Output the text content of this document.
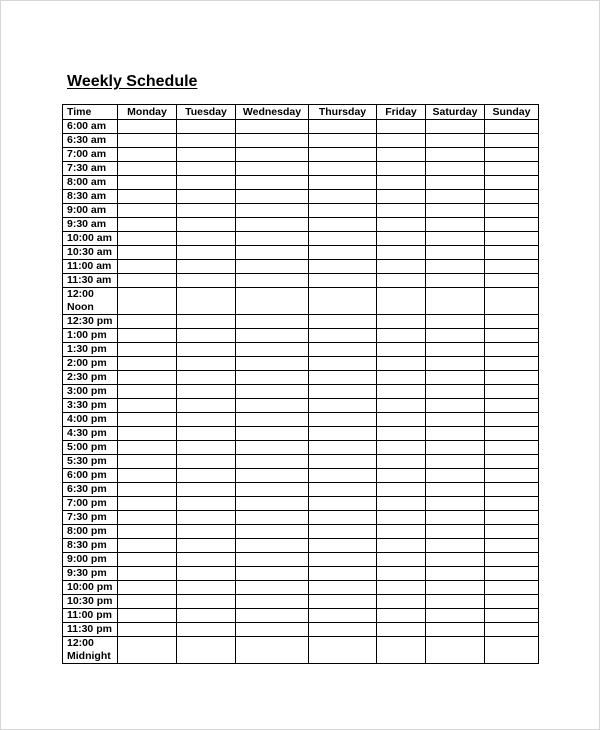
Weekly Schedule
Time	Monday	Tuesday	Wednesday	Thursday	Friday	Saturday	Sunday
6:00 am							
6:30 am							
7:00 am							
7:30 am							
8:00 am							
8:30 am							
9:00 am							
9:30 am							
10:00 am							
10:30 am							
11:00 am							
11:30 am							
12:00 Noon							
12:30 pm							
1:00 pm							
1:30 pm							
2:00 pm							
2:30 pm							
3:00 pm							
3:30 pm							
4:00 pm							
4:30 pm							
5:00 pm							
5:30 pm							
6:00 pm							
6:30 pm							
7:00 pm							
7:30 pm							
8:00 pm							
8:30 pm							
9:00 pm							
9:30 pm							
10:00 pm							
10:30 pm							
11:00 pm							
11:30 pm							
12:00 Midnight							
